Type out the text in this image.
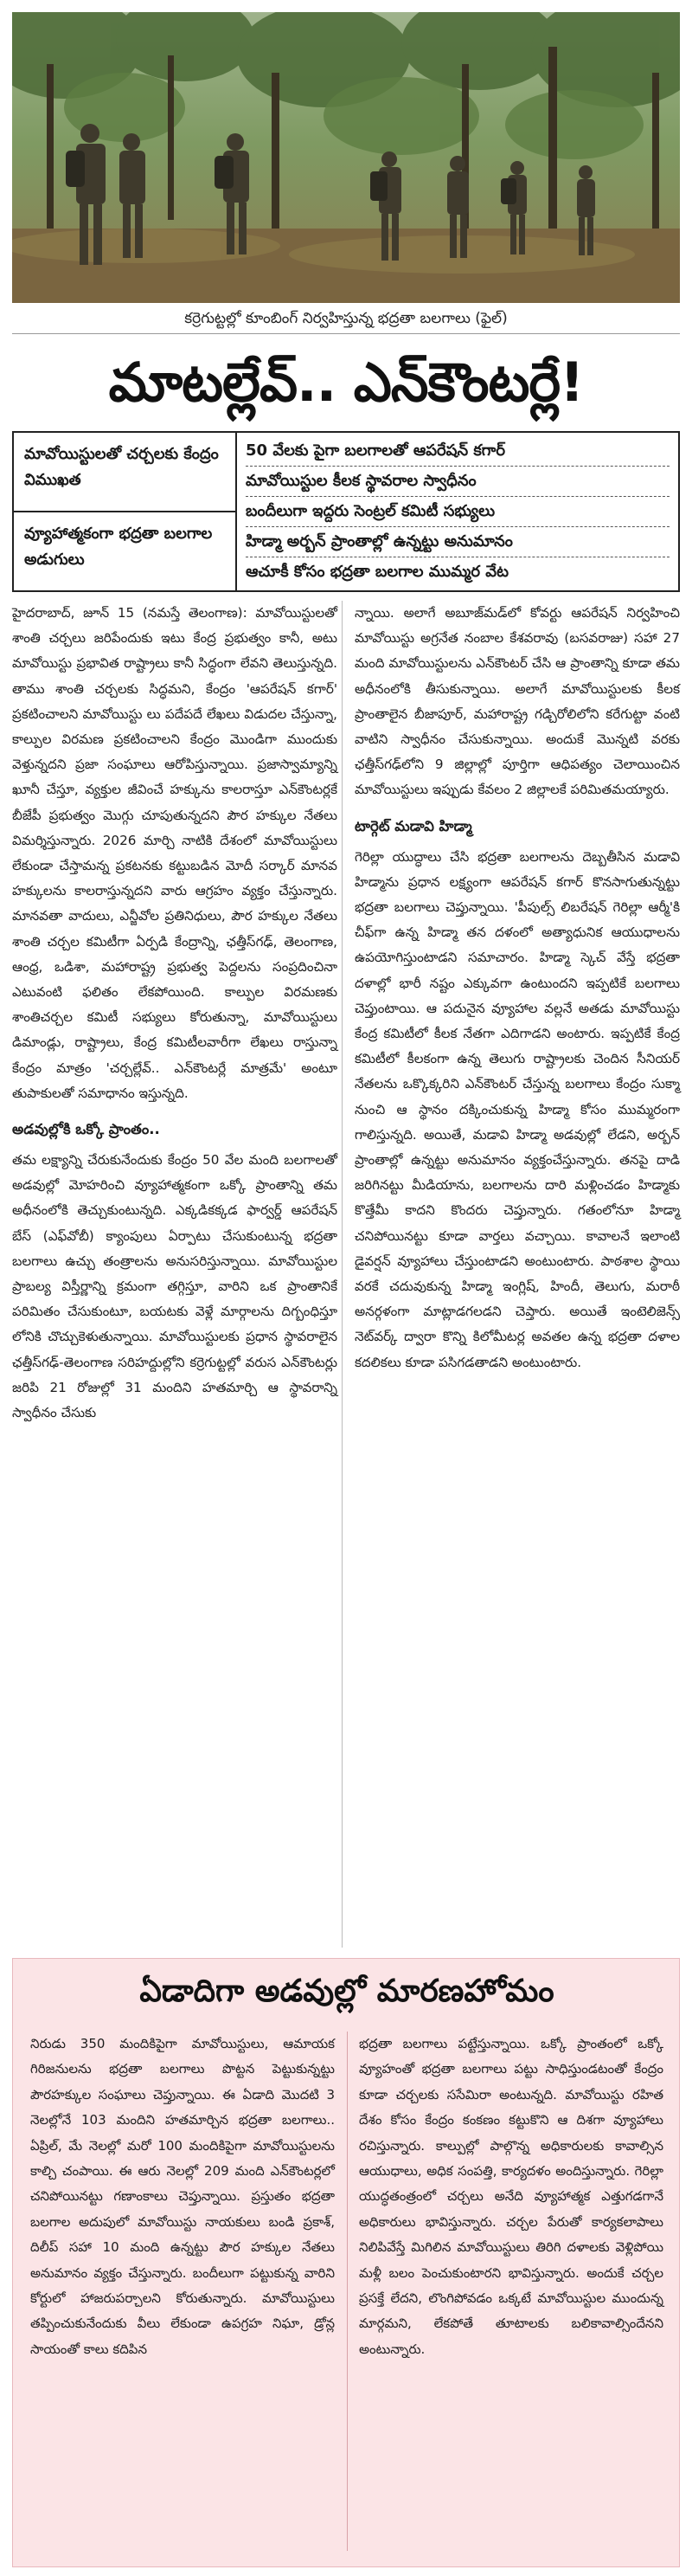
కర్రెగుట్టల్లో కూంబింగ్ నిర్వహిస్తున్న భద్రతా బలగాలు (ఫైల్)
మాటల్లేవ్.. ఎన్‌కౌంటర్లే!
మావోయిస్టులతో చర్చలకు కేంద్రం విముఖత
వ్యూహాత్మకంగా భద్రతా బలగాల అడుగులు
50 వేలకు పైగా బలగాలతో ఆపరేషన్ కగార్
మావోయిస్టుల కీలక స్థావరాల స్వాధీనం
బందీలుగా ఇద్దరు సెంట్రల్ కమిటీ సభ్యులు
హిడ్మా అర్బన్ ప్రాంతాల్లో ఉన్నట్టు అనుమానం
ఆచూకీ కోసం భద్రతా బలగాల ముమ్మర వేట

హైదరాబాద్, జూన్ 15 (నమస్తే తెలంగాణ): మావోయిస్టులతో శాంతి చర్చలు జరిపేందుకు ఇటు కేంద్ర ప్రభుత్వం కానీ, అటు మావోయిస్టు ప్రభావిత రాష్ట్రాలు కానీ సిద్ధంగా లేవని తెలుస్తున్నది. తాము శాంతి చర్చలకు సిద్ధమని, కేంద్రం 'ఆపరేషన్ కగార్' ప్రకటించాలని మావోయిస్టు లు పదేపదే లేఖలు విడుదల చేస్తున్నా, కాల్పుల విరమణ ప్రకటించాలని కేంద్రం మొండిగా ముందుకు వెళ్తున్నదని ప్రజా సంఘాలు ఆరోపిస్తున్నాయి. ప్రజాస్వామ్యాన్ని ఖూనీ చేస్తూ, వ్యక్తుల జీవించే హక్కును కాలరాస్తూ ఎన్‌కౌంటర్లకే బీజేపీ ప్రభుత్వం మొగ్గు చూపుతున్నదని పౌర హక్కుల నేతలు విమర్శిస్తున్నారు. 2026 మార్చి నాటికి దేశంలో మావోయిస్టులు లేకుండా చేస్తామన్న ప్రకటనకు కట్టుబడిన మోదీ సర్కార్ మానవ హక్కులను కాలరాస్తున్నదని వారు ఆగ్రహం వ్యక్తం చేస్తున్నారు. మానవతా వాదులు, ఎన్జీవోల ప్రతినిధులు, పౌర హక్కుల నేతలు శాంతి చర్చల కమిటీగా ఏర్పడి కేంద్రాన్ని, ఛత్తీస్‌గఢ్, తెలంగాణ, ఆంధ్ర, ఒడిశా, మహారాష్ట్ర ప్రభుత్వ పెద్దలను సంప్రదించినా ఎటువంటి ఫలితం లేకపోయింది. కాల్పుల విరమణకు శాంతిచర్చల కమిటీ సభ్యులు కోరుతున్నా, మావోయిస్టులు డిమాండ్లు, రాష్ట్రాలు, కేంద్ర కమిటీలవారీగా లేఖలు రాస్తున్నా కేంద్రం మాత్రం 'చర్చల్లేవ్.. ఎన్‌కౌంటర్లే మాత్రమే' అంటూ తుపాకులతో సమాధానం ఇస్తున్నది.

అడవుల్లోకి ఒక్కో ప్రాంతం..

తమ లక్ష్యాన్ని చేరుకునేందుకు కేంద్రం 50 వేల మంది బలగాలతో అడవుల్లో మోహరించి వ్యూహాత్మకంగా ఒక్కో ప్రాంతాన్ని తమ అధీనంలోకి తెచ్చుకుంటున్నది. ఎక్కడికక్కడ ఫార్వర్డ్ ఆపరేషన్ బేస్ (ఎఫ్‌వోబీ) క్యాంపులు ఏర్పాటు చేసుకుంటున్న భద్రతా బలగాలు ఉచ్చు తంత్రాలను అనుసరిస్తున్నాయి. మావోయిస్టుల ప్రాబల్య విస్తీర్ణాన్ని క్రమంగా తగ్గిస్తూ, వారిని ఒక ప్రాంతానికే పరిమితం చేసుకుంటూ, బయటకు వెళ్లే మార్గాలను దిగ్బంధిస్తూ లోనికి చొచ్చుకెళుతున్నాయి. మావోయిస్టులకు ప్రధాన స్థావరాలైన ఛత్తీస్‌గఢ్-తెలంగాణ సరిహద్దుల్లోని కర్రెగుట్టల్లో వరుస ఎన్‌కౌంటర్లు జరిపి 21 రోజుల్లో 31 మందిని హతమార్చి ఆ స్థావరాన్ని స్వాధీనం చేసుకు

న్నాయి. అలాగే అబూజ్‌మడ్‌లో కోవర్టు ఆపరేషన్ నిర్వహించి మావోయిస్టు అగ్రనేత నంబాల కేశవరావు (బసవరాజు) సహా 27 మంది మావోయిస్టులను ఎన్‌కౌంటర్ చేసి ఆ ప్రాంతాన్ని కూడా తమ అధీనంలోకి తీసుకున్నాయి. అలాగే మావోయిస్టులకు కీలక ప్రాంతాలైన బీజాపూర్, మహారాష్ట్ర గడ్చిరోలిలోని కరేగుట్టా వంటి వాటిని స్వాధీనం చేసుకున్నాయి. అందుకే మొన్నటి వరకు ఛత్తీస్‌గఢ్‌లోని 9 జిల్లాల్లో పూర్తిగా ఆధిపత్యం చెలాయించిన మావోయిస్టులు ఇప్పుడు కేవలం 2 జిల్లాలకే పరిమితమయ్యారు.

టార్గెట్ మడావి హిడ్మా

గెరిల్లా యుద్ధాలు చేసి భద్రతా బలగాలను దెబ్బతీసిన మడావి హిడ్మాను ప్రధాన లక్ష్యంగా ఆపరేషన్ కగార్ కొనసాగుతున్నట్టు భద్రతా బలగాలు చెప్తున్నాయి. 'పీపుల్స్ లిబరేషన్ గెరిల్లా ఆర్మీ'కి చీఫ్‌గా ఉన్న హిడ్మా తన దళంలో అత్యాధునిక ఆయుధాలను ఉపయోగిస్తుంటాడని సమాచారం. హిడ్మా స్కెచ్ వేస్తే భద్రతా దళాల్లో భారీ నష్టం ఎక్కువగా ఉంటుందని ఇప్పటికే బలగాలు చెప్తుంటాయి. ఆ పదునైన వ్యూహాల వల్లనే అతడు మావోయిస్టు కేంద్ర కమిటీలో కీలక నేతగా ఎదిగాడని అంటారు. ఇప్పటికే కేంద్ర కమిటీలో కీలకంగా ఉన్న తెలుగు రాష్ట్రాలకు చెందిన సీనియర్ నేతలను ఒక్కొక్కరిని ఎన్‌కౌంటర్ చేస్తున్న బలగాలు కేంద్రం సుక్మా నుంచి ఆ స్థానం దక్కించుకున్న హిడ్మా కోసం ముమ్మరంగా గాలిస్తున్నది. అయితే, మడావి హిడ్మా అడవుల్లో లేడని, అర్బన్ ప్రాంతాల్లో ఉన్నట్టు అనుమానం వ్యక్తంచేస్తున్నారు. తనపై దాడి జరిగినట్టు మీడియాను, బలగాలను దారి మళ్లించడం హిడ్మాకు కొత్తేమీ కాదని కొందరు చెప్తున్నారు. గతంలోనూ హిడ్మా చనిపోయినట్టు కూడా వార్తలు వచ్చాయి. కావాలనే ఇలాంటి డైవర్షన్ వ్యూహాలు చేస్తుంటాడని అంటుంటారు. పాఠశాల స్థాయి వరకే చదువుకున్న హిడ్మా ఇంగ్లిష్, హిందీ, తెలుగు, మరాఠీ అనర్గళంగా మాట్లాడగలడని చెప్తారు. అయితే ఇంటెలిజెన్స్ నెట్‌వర్క్ ద్వారా కొన్ని కిలోమీటర్ల అవతల ఉన్న భద్రతా దళాల కదలికలు కూడా పసిగడతాడని అంటుంటారు.

ఏడాదిగా అడవుల్లో మారణహోమం
నిరుడు 350 మందికిపైగా మావోయిస్టులు, ఆమాయక గిరిజనులను భద్రతా బలగాలు పొట్టన పెట్టుకున్నట్టు పౌరహక్కుల సంఘాలు చెప్తున్నాయి. ఈ ఏడాది మొదటి 3 నెలల్లోనే 103 మందిని హతమార్చిన భద్రతా బలగాలు.. ఏప్రిల్, మే నెలల్లో మరో 100 మందికిపైగా మావోయిస్టులను కాల్చి చంపాయి. ఈ ఆరు నెలల్లో 209 మంది ఎన్‌కౌంటర్లలో చనిపోయినట్టు గణాంకాలు చెప్తున్నాయి. ప్రస్తుతం భద్రతా బలగాల అదుపులో మావోయిస్టు నాయకులు బండి ప్రకాశ్, దిలీప్ సహా 10 మంది ఉన్నట్టు పౌర హక్కుల నేతలు అనుమానం వ్యక్తం చేస్తున్నారు. బందీలుగా పట్టుకున్న వారిని కోర్టులో హాజరుపర్చాలని కోరుతున్నారు. మావోయిస్టులు తప్పించుకునేందుకు వీలు లేకుండా ఉపగ్రహ నిఘా, డ్రోన్ల సాయంతో కాలు కదిపిన
భద్రతా బలగాలు పట్టేస్తున్నాయి. ఒక్కో ప్రాంతంలో ఒక్కో వ్యూహంతో భద్రతా బలగాలు పట్టు సాధిస్తుండటంతో కేంద్రం కూడా చర్చలకు ససేమిరా అంటున్నది. మావోయిస్టు రహిత దేశం కోసం కేంద్రం కంకణం కట్టుకొని ఆ దిశగా వ్యూహాలు రచిస్తున్నారు. కాల్పుల్లో పాల్గొన్న అధికారులకు కావాల్సిన ఆయుధాలు, అధిక సంపత్తి, కార్యదళం అందిస్తున్నారు. గెరిల్లా యుద్ధతంత్రంలో చర్చలు అనేది వ్యూహాత్మక ఎత్తుగడగానే అధికారులు భావిస్తున్నారు. చర్చల పేరుతో కార్యకలాపాలు నిలిపివేస్తే మిగిలిన మావోయిస్టులు తిరిగి దళాలకు వెళ్లిపోయి మళ్లీ బలం పెంచుకుంటారని భావిస్తున్నారు. అందుకే చర్చల ప్రసక్తే లేదని, లొంగిపోవడం ఒక్కటే మావోయిస్టుల ముందున్న మార్గమని, లేకపోతే తూటాలకు బలికావాల్సిందేనని అంటున్నారు.
